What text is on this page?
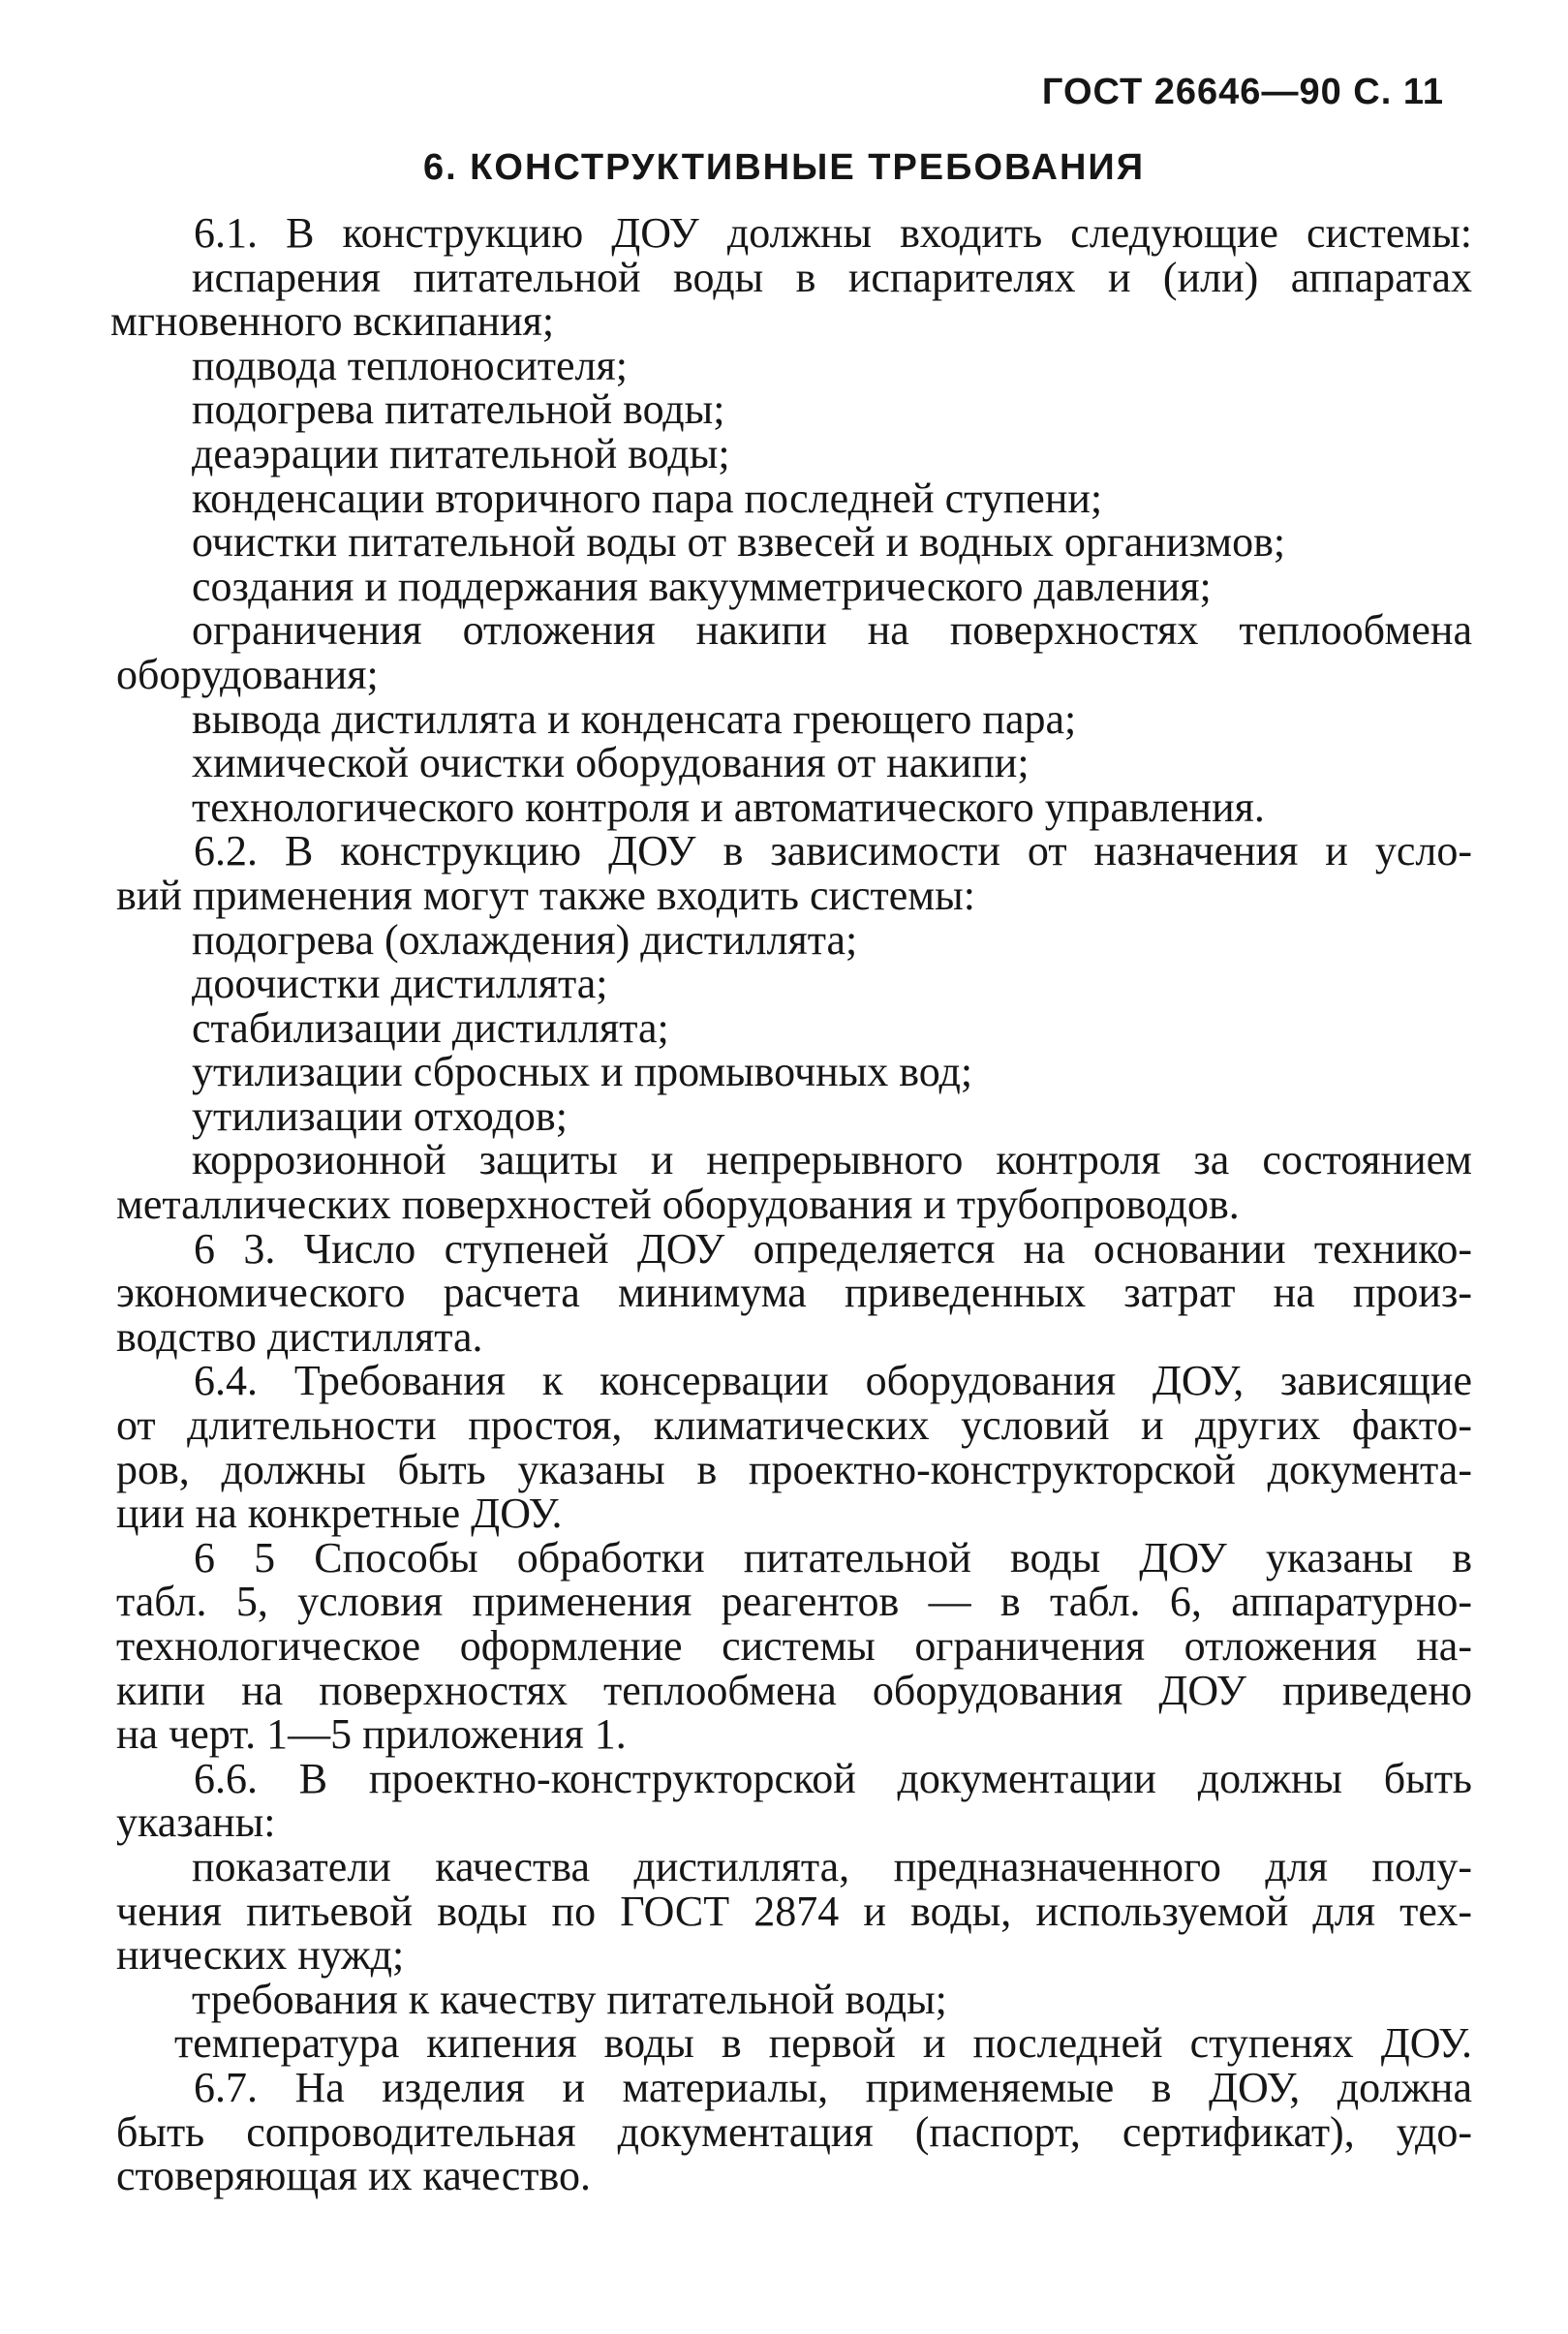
ГОСТ 26646—90 С. 11
6. КОНСТРУКТИВНЫЕ ТРЕБОВАНИЯ
6.1. В конструкцию ДОУ должны входить следующие системы:
испарения питательной воды в испарителях и (или) аппаратах
мгновенного вскипания;
подвода теплоносителя;
подогрева питательной воды;
деаэрации питательной воды;
конденсации вторичного пара последней ступени;
очистки питательной воды от взвесей и водных организмов;
создания и поддержания вакуумметрического давления;
ограничения отложения накипи на поверхностях теплообмена
оборудования;
вывода дистиллята и конденсата греющего пара;
химической очистки оборудования от накипи;
технологического контроля и автоматического управления.
6.2. В конструкцию ДОУ в зависимости от назначения и усло-
вий применения могут также входить системы:
подогрева (охлаждения) дистиллята;
доочистки дистиллята;
стабилизации дистиллята;
утилизации сбросных и промывочных вод;
утилизации отходов;
коррозионной защиты и непрерывного контроля за состоянием
металлических поверхностей оборудования и трубопроводов.
6 3. Число ступеней ДОУ определяется на основании технико-
экономического расчета минимума приведенных затрат на произ-
водство дистиллята.
6.4. Требования к консервации оборудования ДОУ, зависящие
от длительности простоя, климатических условий и других факто-
ров, должны быть указаны в проектно-конструкторской документа-
ции на конкретные ДОУ.
6 5 Способы обработки питательной воды ДОУ указаны в
табл. 5, условия применения реагентов — в табл. 6, аппаратурно-
технологическое оформление системы ограничения отложения на-
кипи на поверхностях теплообмена оборудования ДОУ приведено
на черт. 1—5 приложения 1.
6.6. В проектно-конструкторской документации должны быть
указаны:
показатели качества дистиллята, предназначенного для полу-
чения питьевой воды по ГОСТ 2874 и воды, используемой для тех-
нических нужд;
требования к качеству питательной воды;
температура кипения воды в первой и последней ступенях ДОУ.
6.7. На изделия и материалы, применяемые в ДОУ, должна
быть сопроводительная документация (паспорт, сертификат), удо-
стоверяющая их качество.
